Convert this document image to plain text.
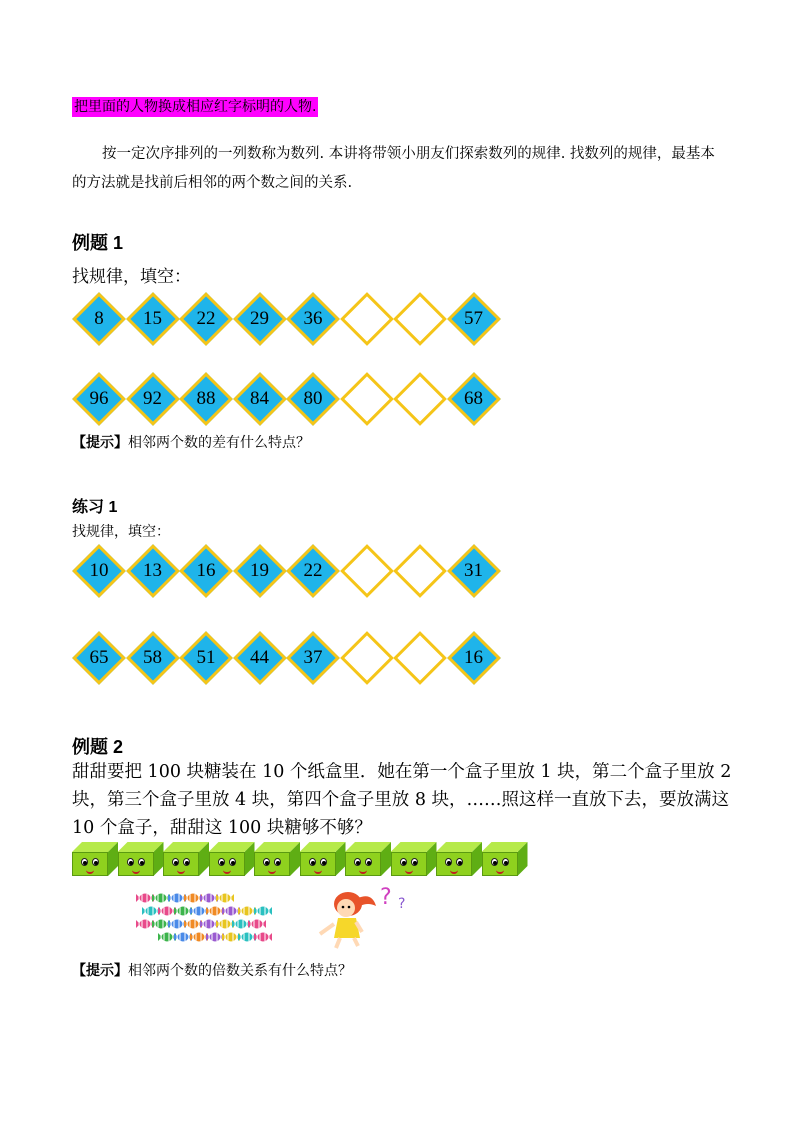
把里面的人物换成相应红字标明的人物.
按一定次序排列的一列数称为数列. 本讲将带领小朋友们探索数列的规律. 找数列的规律，最基本的方法就是找前后相邻的两个数之间的关系.
例题 1
找规律，填空：
8	15	22	29	36	57
96	92	88	84	80	68
【提示】相邻两个数的差有什么特点？
练习 1
找规律，填空：
10	13	16	19	22	31
65	58	51	44	37	16
例题 2
甜甜要把 100 块糖装在 10 个纸盒里．她在第一个盒子里放 1 块，第二个盒子里放 2 块，第三个盒子里放 4 块，第四个盒子里放 8 块，……照这样一直放下去，要放满这 10 个盒子，甜甜这 100 块糖够不够？
? ?
【提示】相邻两个数的倍数关系有什么特点？
